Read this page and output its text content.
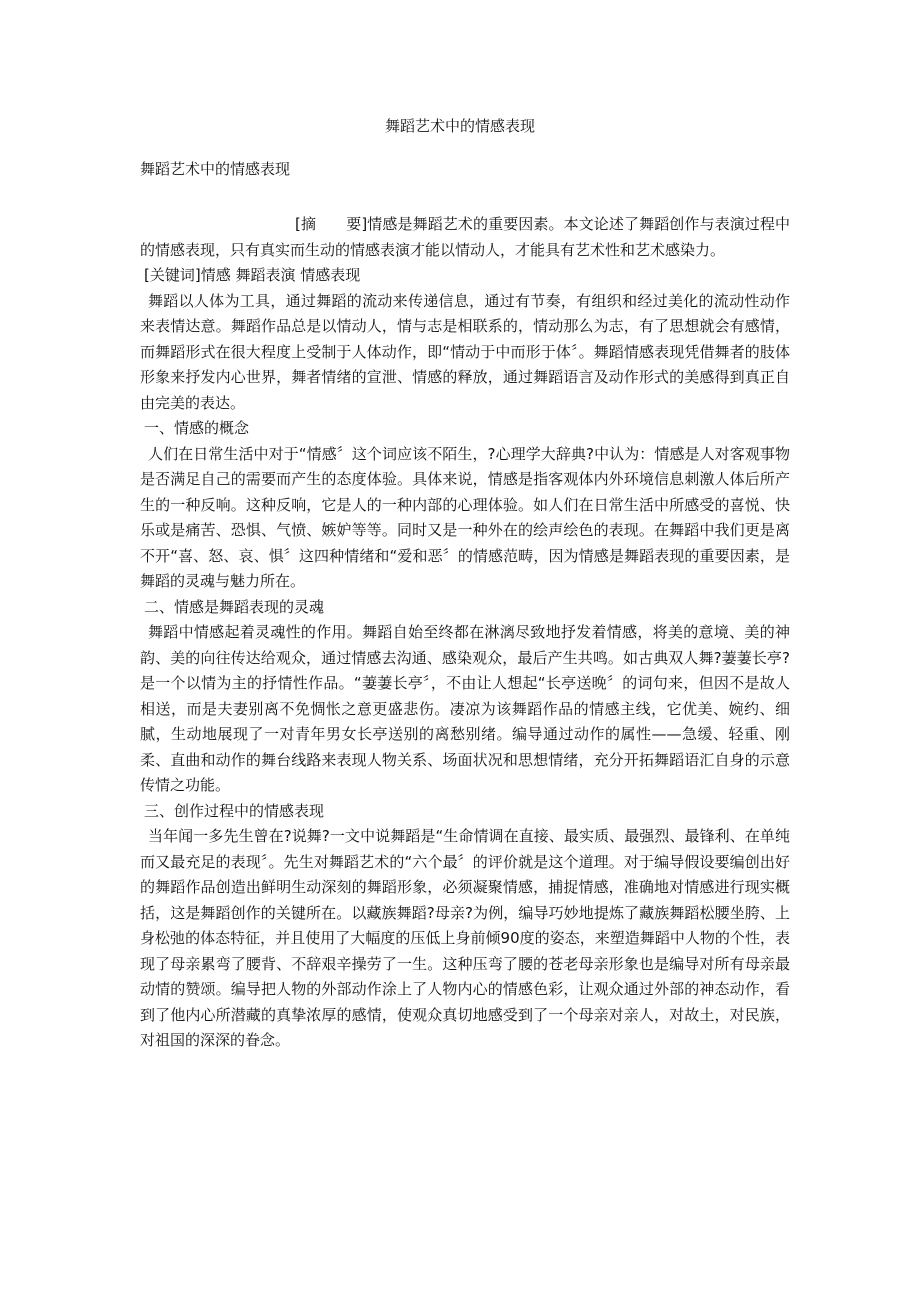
舞蹈艺术中的情感表现
舞蹈艺术中的情感表现

[摘　　要]情感是舞蹈艺术的重要因素。本文论述了舞蹈创作与表演过程中的情感表现，只有真实而生动的情感表演才能以情动人，才能具有艺术性和艺术感染力。

[关键词]情感 舞蹈表演 情感表现

舞蹈以人体为工具，通过舞蹈的流动来传递信息，通过有节奏，有组织和经过美化的流动性动作来表情达意。舞蹈作品总是以情动人，情与志是相联系的，情动那么为志，有了思想就会有感情，而舞蹈形式在很大程度上受制于人体动作，即“情动于中而形于体〞。舞蹈情感表现凭借舞者的肢体形象来抒发内心世界，舞者情绪的宣泄、情感的释放，通过舞蹈语言及动作形式的美感得到真正自由完美的表达。

一、情感的概念

人们在日常生活中对于“情感〞这个词应该不陌生，?心理学大辞典?中认为：情感是人对客观事物是否满足自己的需要而产生的态度体验。具体来说，情感是指客观体内外环境信息刺激人体后所产生的一种反响。这种反响，它是人的一种内部的心理体验。如人们在日常生活中所感受的喜悦、快乐或是痛苦、恐惧、气愤、嫉妒等等。同时又是一种外在的绘声绘色的表现。在舞蹈中我们更是离不开“喜、怒、哀、惧〞这四种情绪和“爱和恶〞的情感范畴，因为情感是舞蹈表现的重要因素，是舞蹈的灵魂与魅力所在。

二、情感是舞蹈表现的灵魂

舞蹈中情感起着灵魂性的作用。舞蹈自始至终都在淋漓尽致地抒发着情感，将美的意境、美的神韵、美的向往传达给观众，通过情感去沟通、感染观众，最后产生共鸣。如古典双人舞?萋萋长亭?是一个以情为主的抒情性作品。“萋萋长亭〞，不由让人想起“长亭送晚〞的词句来，但因不是故人相送，而是夫妻别离不免惆怅之意更盛悲伤。凄凉为该舞蹈作品的情感主线，它优美、婉约、细腻，生动地展现了一对青年男女长亭送别的离愁别绪。编导通过动作的属性——急缓、轻重、刚柔、直曲和动作的舞台线路来表现人物关系、场面状况和思想情绪，充分开拓舞蹈语汇自身的示意传情之功能。

三、创作过程中的情感表现

当年闻一多先生曾在?说舞?一文中说舞蹈是“生命情调在直接、最实质、最强烈、最锋利、在单纯而又最充足的表现〞。先生对舞蹈艺术的“六个最〞的评价就是这个道理。对于编导假设要编创出好的舞蹈作品创造出鲜明生动深刻的舞蹈形象，必须凝聚情感，捕捉情感，准确地对情感进行现实概括，这是舞蹈创作的关键所在。以藏族舞蹈?母亲?为例，编导巧妙地提炼了藏族舞蹈松腰坐胯、上身松弛的体态特征，并且使用了大幅度的压低上身前倾90度的姿态，来塑造舞蹈中人物的个性，表现了母亲累弯了腰背、不辞艰辛操劳了一生。这种压弯了腰的苍老母亲形象也是编导对所有母亲最动情的赞颂。编导把人物的外部动作涂上了人物内心的情感色彩，让观众通过外部的神态动作，看到了他内心所潜藏的真挚浓厚的感情，使观众真切地感受到了一个母亲对亲人，对故土，对民族，对祖国的深深的眷念。
